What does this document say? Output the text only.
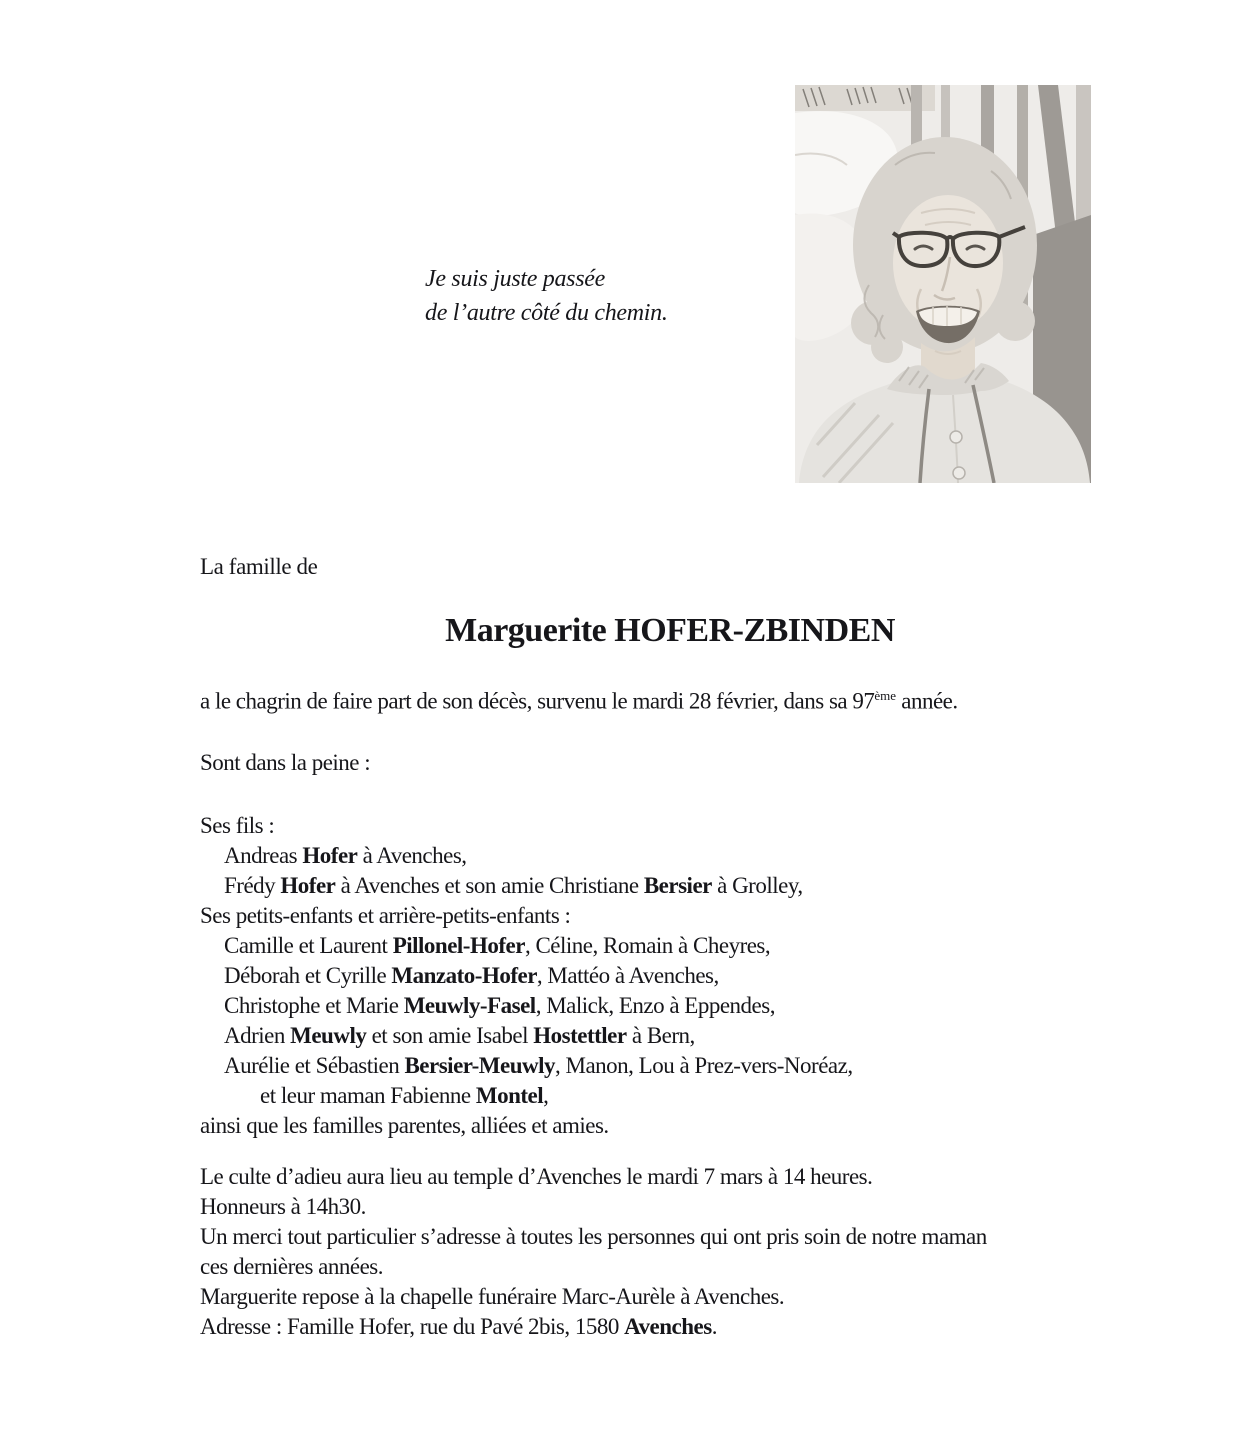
Je suis juste passée
de l’autre côté du chemin.
La famille de
Marguerite HOFER-ZBINDEN

a le chagrin de faire part de son décès, survenu le mardi 28 février, dans sa 97ème année.

Sont dans la peine :

Ses fils :
Andreas Hofer à Avenches,
Frédy Hofer à Avenches et son amie Christiane Bersier à Grolley,
Ses petits-enfants et arrière-petits-enfants :
Camille et Laurent Pillonel-Hofer, Céline, Romain à Cheyres,
Déborah et Cyrille Manzato-Hofer, Mattéo à Avenches,
Christophe et Marie Meuwly-Fasel, Malick, Enzo à Eppendes,
Adrien Meuwly et son amie Isabel Hostettler à Bern,
Aurélie et Sébastien Bersier-Meuwly, Manon, Lou à Prez-vers-Noréaz,
et leur maman Fabienne Montel,
ainsi que les familles parentes, alliées et amies.
Le culte d’adieu aura lieu au temple d’Avenches le mardi 7 mars à 14 heures.
Honneurs à 14h30.
Un merci tout particulier s’adresse à toutes les personnes qui ont pris soin de notre maman
ces dernières années.
Marguerite repose à la chapelle funéraire Marc-Aurèle à Avenches.
Adresse : Famille Hofer, rue du Pavé 2bis, 1580 Avenches.
